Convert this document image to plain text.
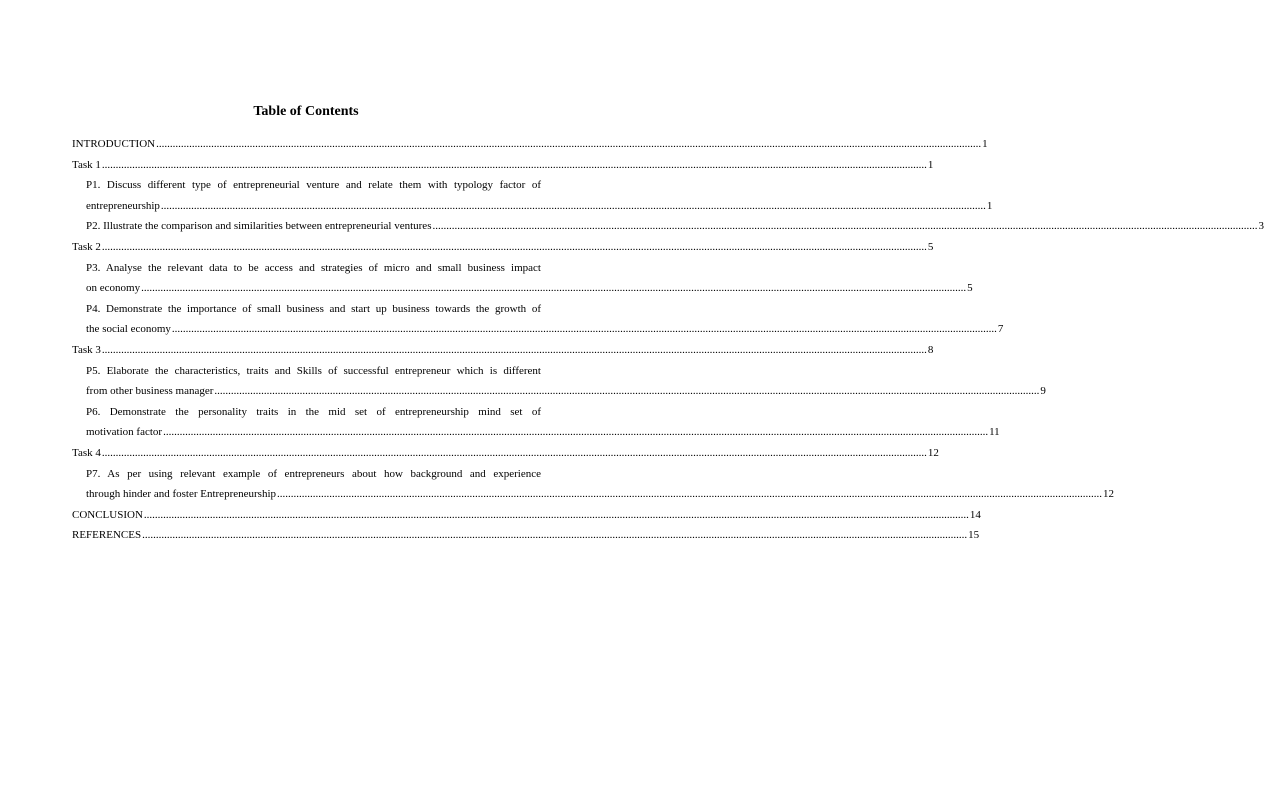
Table of Contents
INTRODUCTION ............................................................................................................................................................................................................................................................................................................ 1
Task 1 ............................................................................................................................................................................................................................................................................................................ 1
P1. Discuss different type of entrepreneurial venture and relate them with typology factor of
entrepreneurship ............................................................................................................................................................................................................................................................................................................ 1
P2. Illustrate the comparison and similarities between entrepreneurial ventures ............................................................................................................................................................................................................................................................................................................ 3
Task 2 ............................................................................................................................................................................................................................................................................................................ 5
P3. Analyse the relevant data to be access and strategies of micro and small business impact
on economy ............................................................................................................................................................................................................................................................................................................ 5
P4. Demonstrate the importance of small business and start up business towards the growth of
the social economy ............................................................................................................................................................................................................................................................................................................ 7
Task 3 ............................................................................................................................................................................................................................................................................................................ 8
P5. Elaborate the characteristics, traits and Skills of successful entrepreneur which is different
from other business manager ............................................................................................................................................................................................................................................................................................................ 9
P6. Demonstrate the personality traits in the mid set of entrepreneurship mind set of
motivation factor ............................................................................................................................................................................................................................................................................................................ 11
Task 4 ............................................................................................................................................................................................................................................................................................................ 12
P7. As per using relevant example of entrepreneurs about how background and experience
through hinder and foster Entrepreneurship ............................................................................................................................................................................................................................................................................................................ 12
CONCLUSION ............................................................................................................................................................................................................................................................................................................ 14
REFERENCES ............................................................................................................................................................................................................................................................................................................ 15
